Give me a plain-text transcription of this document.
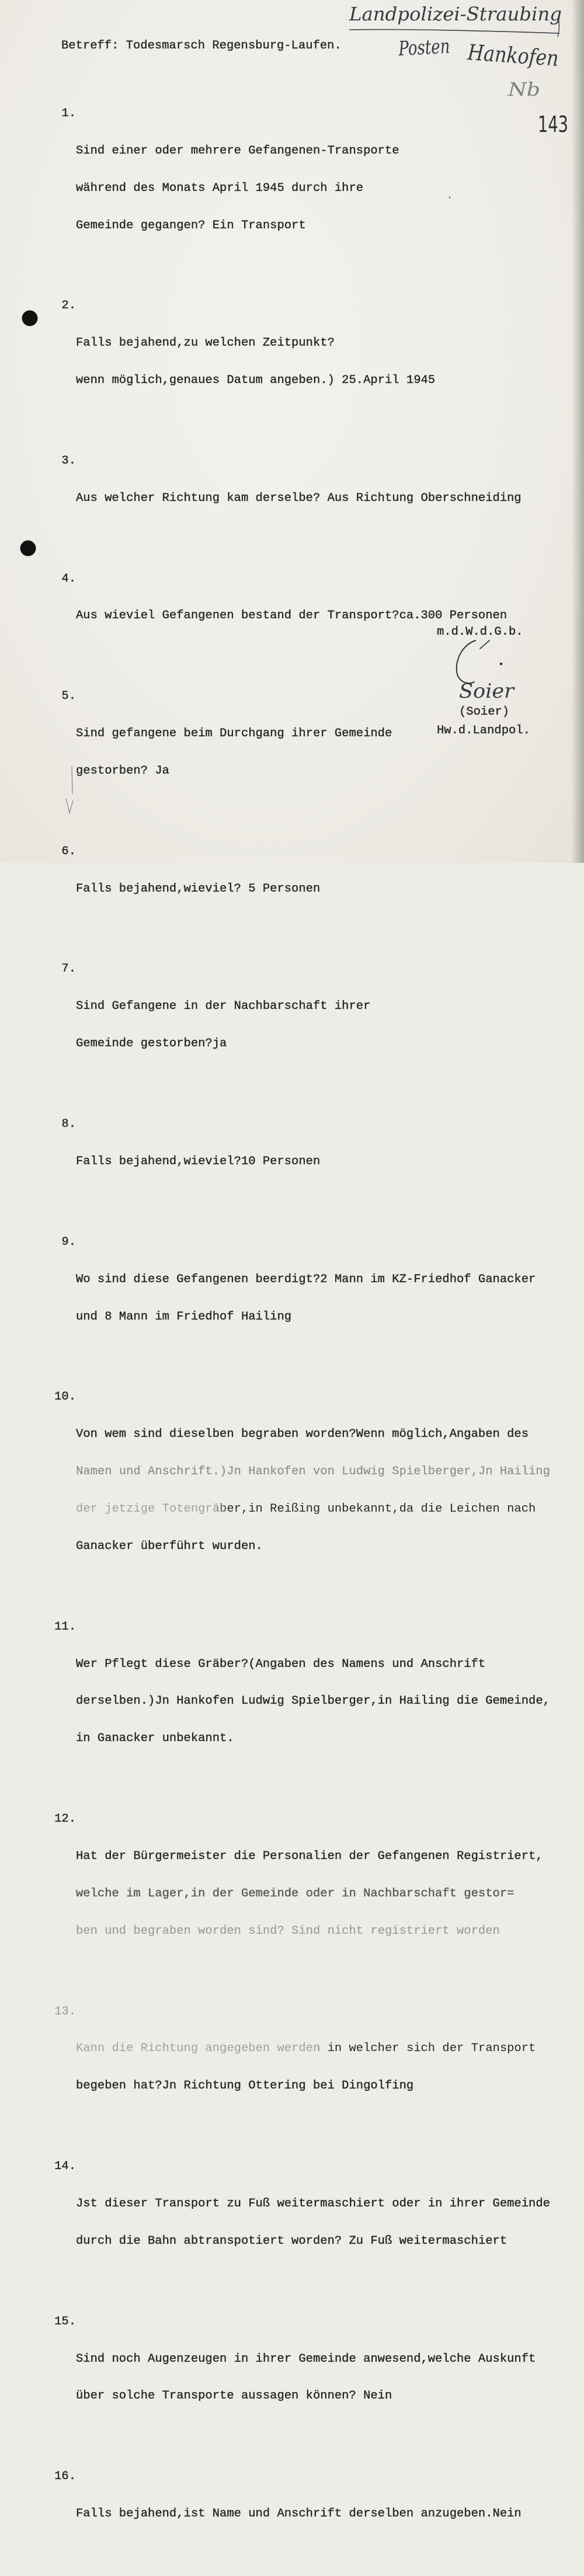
Landpolizei-Straubing
Posten Hankofen
Nb
143
Soier
Betreff: Todesmarsch Regensburg-Laufen.

1.

Sind einer oder mehrere Gefangenen-Transporte

während des Monats April 1945 durch ihre

Gemeinde gegangen? Ein Transport

2.

Falls bejahend,zu welchen Zeitpunkt?

wenn möglich,genaues Datum angeben.) 25.April 1945

3.

Aus welcher Richtung kam derselbe? Aus Richtung Oberschneiding

4.

Aus wieviel Gefangenen bestand der Transport?ca.300 Personen

5.

Sind gefangene beim Durchgang ihrer Gemeinde

gestorben? Ja

6.

Falls bejahend,wieviel? 5 Personen

7.

Sind Gefangene in der Nachbarschaft ihrer

Gemeinde gestorben?ja

8.

Falls bejahend,wieviel?10 Personen

9.

Wo sind diese Gefangenen beerdigt?2 Mann im KZ-Friedhof Ganacker

und 8 Mann im Friedhof Hailing

10.

Von wem sind dieselben begraben worden?Wenn möglich,Angaben des

Namen und Anschrift.)Jn Hankofen von Ludwig Spielberger,Jn Hailing

der jetzige Totengräber,in Reißing unbekannt,da die Leichen nach

Ganacker überführt wurden.

11.

Wer Pflegt diese Gräber?(Angaben des Namens und Anschrift

derselben.)Jn Hankofen Ludwig Spielberger,in Hailing die Gemeinde,

in Ganacker unbekannt.

12.

Hat der Bürgermeister die Personalien der Gefangenen Registriert,

welche im Lager,in der Gemeinde oder in Nachbarschaft gestor=

ben und begraben worden sind? Sind nicht registriert worden

13.

Kann die Richtung angegeben werden in welcher sich der Transport

begeben hat?Jn Richtung Ottering bei Dingolfing

14.

Jst dieser Transport zu Fuß weitermaschiert oder in ihrer Gemeinde

durch die Bahn abtranspotiert worden? Zu Fuß weitermaschiert

15.

Sind noch Augenzeugen in ihrer Gemeinde anwesend,welche Auskunft

über solche Transporte aussagen können? Nein

16.

Falls bejahend,ist Name und Anschrift derselben anzugeben.Nein

m.d.W.d.G.b.
(Soier)
Hw.d.Landpol.
